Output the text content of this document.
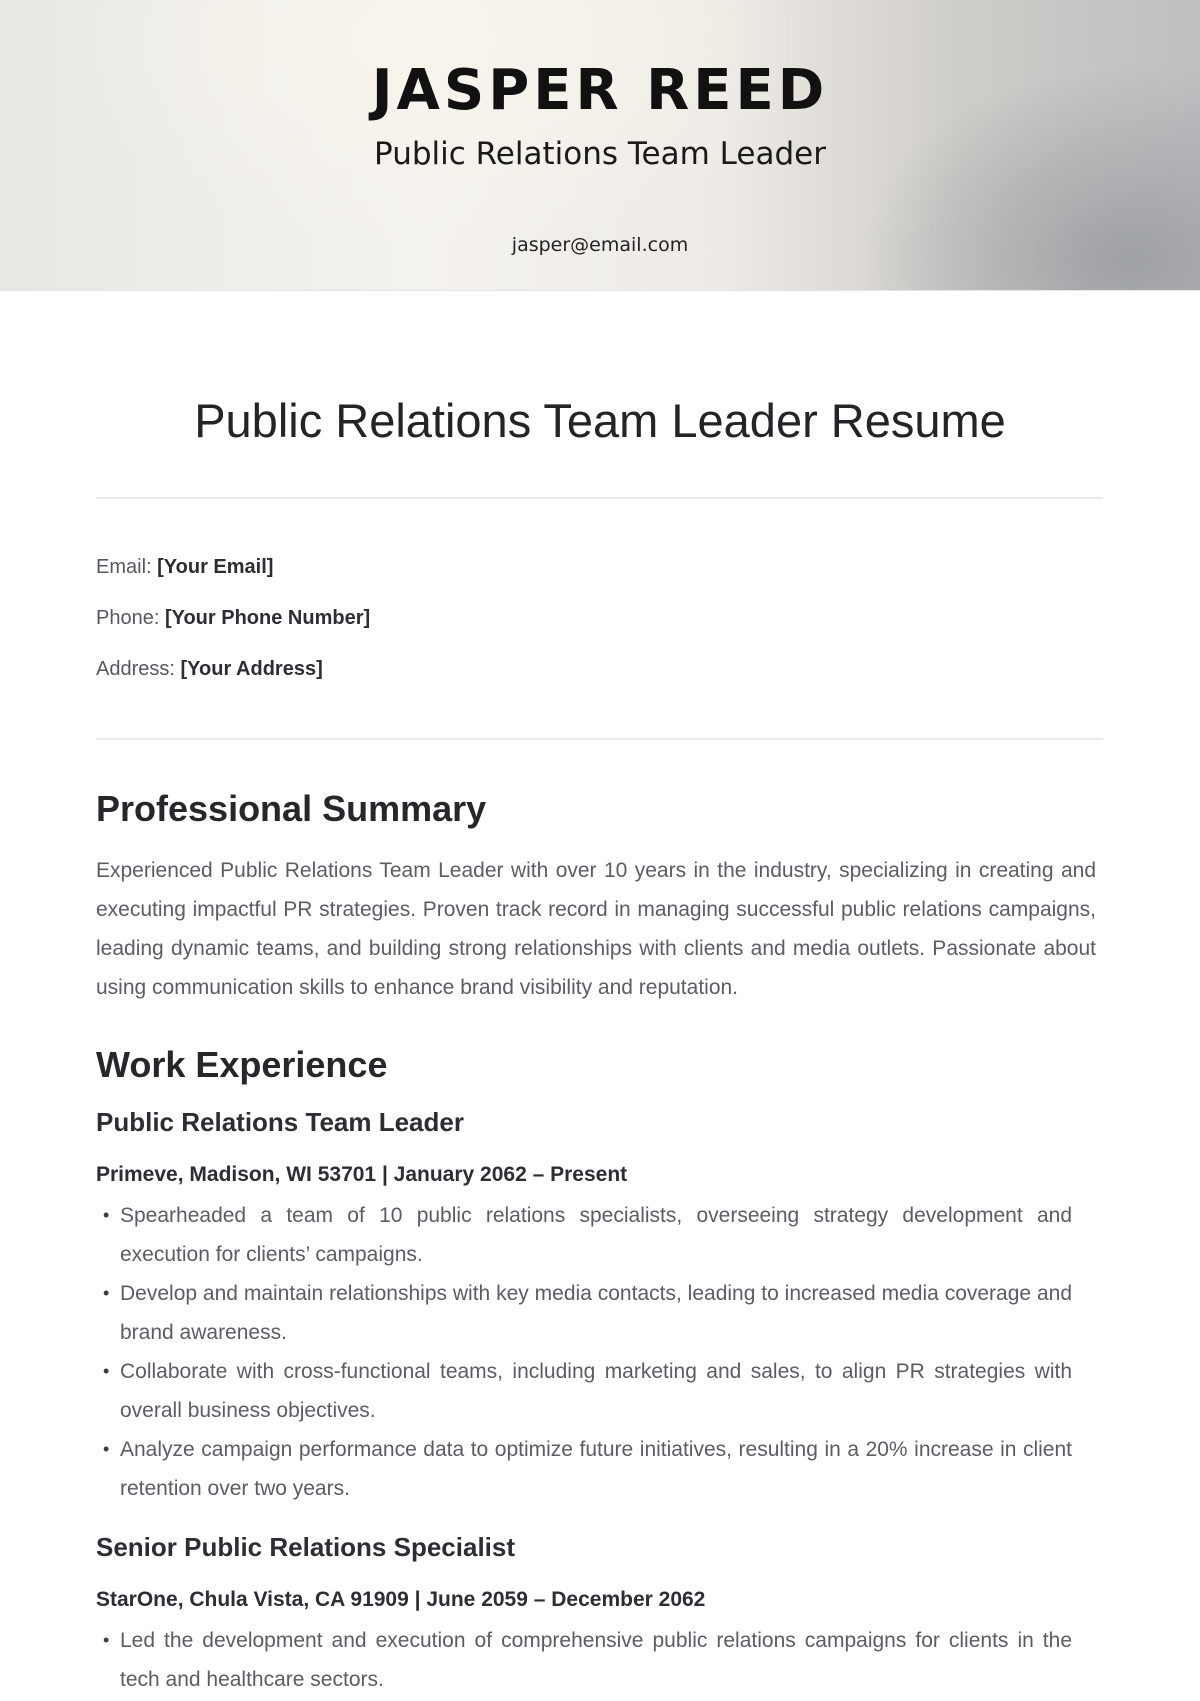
JASPER REED
Public Relations Team Leader
jasper@email.com
Public Relations Team Leader Resume
Email: [Your Email]
Phone: [Your Phone Number]
Address: [Your Address]
Professional Summary

Experienced Public Relations Team Leader with over 10 years in the industry, specializing in creating and executing impactful PR strategies. Proven track record in managing successful public relations campaigns, leading dynamic teams, and building strong relationships with clients and media outlets. Passionate about using communication skills to enhance brand visibility and reputation.

Work Experience
Public Relations Team Leader
Primeve, Madison, WI 53701 | January 2062 – Present
• Spearheaded a team of 10 public relations specialists, overseeing strategy development and execution for clients’ campaigns.
• Develop and maintain relationships with key media contacts, leading to increased media coverage and brand awareness.
• Collaborate with cross-functional teams, including marketing and sales, to align PR strategies with overall business objectives.
• Analyze campaign performance data to optimize future initiatives, resulting in a 20% increase in client retention over two years.
Senior Public Relations Specialist
StarOne, Chula Vista, CA 91909 | June 2059 – December 2062
• Led the development and execution of comprehensive public relations campaigns for clients in the tech and healthcare sectors.
